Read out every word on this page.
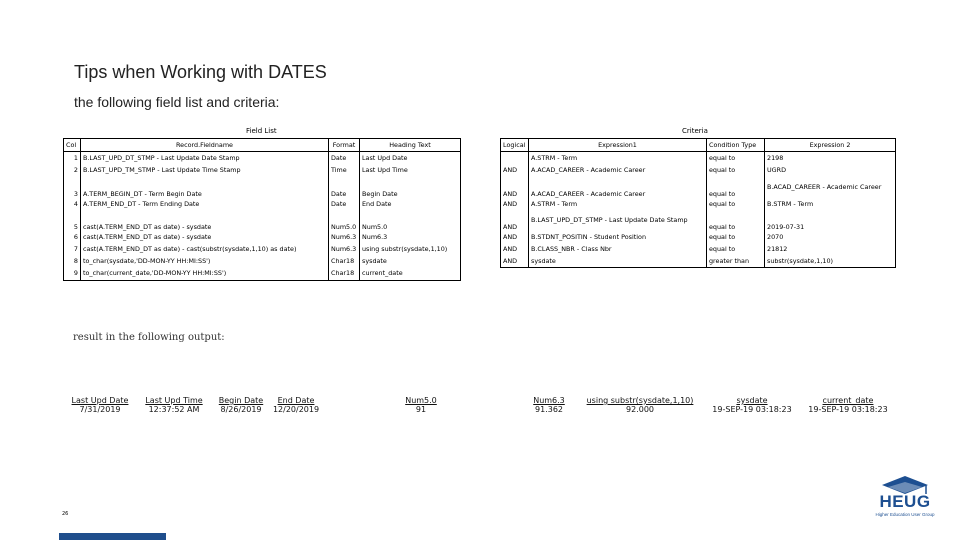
Tips when Working with DATES
the following field list and criteria:
Field List
Col	Record.Fieldname	Format	Heading Text
1	B.LAST_UPD_DT_STMP - Last Update Date Stamp	Date	Last Upd Date
2	B.LAST_UPD_TM_STMP - Last Update Time Stamp	Time	Last Upd Time
3	A.TERM_BEGIN_DT - Term Begin Date	Date	Begin Date
4	A.TERM_END_DT - Term Ending Date	Date	End Date
5	cast(A.TERM_END_DT as date) - sysdate	Num5.0	Num5.0
6	cast(A.TERM_END_DT as date) - sysdate	Num6.3	Num6.3
7	cast(A.TERM_END_DT as date) - cast(substr(sysdate,1,10) as date)	Num6.3	using substr(sysdate,1,10)
8	to_char(sysdate,'DD-MON-YY HH:MI:SS')	Char18	sysdate
9	to_char(current_date,'DD-MON-YY HH:MI:SS')	Char18	current_date
Criteria
Logical	Expression1	Condition Type	Expression 2
	A.STRM - Term	equal to	2198
AND	A.ACAD_CAREER - Academic Career	equal to	UGRD
AND	A.ACAD_CAREER - Academic Career	equal to	B.ACAD_CAREER - Academic Career
AND	A.STRM - Term	equal to	B.STRM - Term
AND	B.LAST_UPD_DT_STMP - Last Update Date Stamp	equal to	2019-07-31
AND	B.STDNT_POSITIN - Student Position	equal to	2070
AND	B.CLASS_NBR - Class Nbr	equal to	21812
AND	sysdate	greater than	substr(sysdate,1,10)
result in the following output:
Last Upd Date
7/31/2019
Last Upd Time
12:37:52 AM
Begin Date
8/26/2019
End Date
12/20/2019
Num5.0
91
Num6.3
91.362
using substr(sysdate,1,10)
92.000
sysdate
19-SEP-19 03:18:23
current_date
19-SEP-19 03:18:23
26
HEUG
Higher Education User Group
